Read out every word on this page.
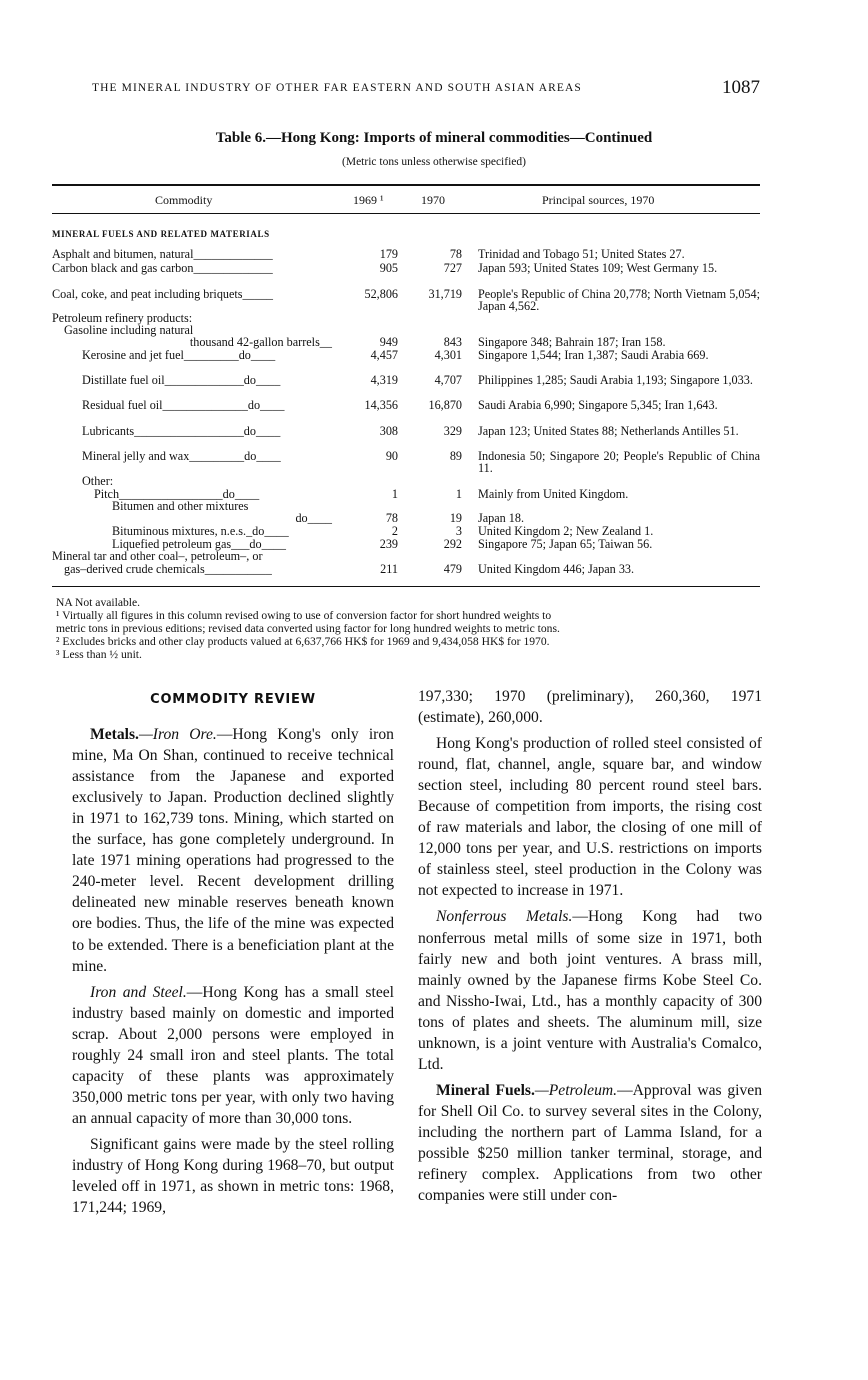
THE MINERAL INDUSTRY OF OTHER FAR EASTERN AND SOUTH ASIAN AREAS	1087
Table 6.—Hong Kong: Imports of mineral commodities—Continued
(Metric tons unless otherwise specified)
Commodity	1969 ¹	1970	Principal sources, 1970
MINERAL FUELS AND RELATED MATERIALS
Asphalt and bitumen, natural_____________	179	78 Trinidad and Tobago 51; United States 27.
Carbon black and gas carbon_____________	905	727 Japan 593; United States 109; West Germany 15.
Coal, coke, and peat including briquets_____	52,806	31,719 People's Republic of China 20,778; North Vietnam 5,054; Japan 4,562.
Petroleum refinery products:
Gasoline including natural
thousand 42-gallon barrels__	949	843 Singapore 348; Bahrain 187; Iran 158.
Kerosine and jet fuel_________do____	4,457	4,301 Singapore 1,544; Iran 1,387; Saudi Arabia 669.
Distillate fuel oil_____________do____	4,319	4,707 Philippines 1,285; Saudi Arabia 1,193; Singapore 1,033.
Residual fuel oil______________do____	14,356	16,870 Saudi Arabia 6,990; Singapore 5,345; Iran 1,643.
Lubricants__________________do____	308	329 Japan 123; United States 88; Netherlands Antilles 51.
Mineral jelly and wax_________do____	90	89 Indonesia 50; Singapore 20; People's Republic of China 11.
Other:
Pitch_________________do____	1	1 Mainly from United Kingdom.
Bitumen and other mixtures
do____	78	19 Japan 18.
Bituminous mixtures, n.e.s._do____	2	3 United Kingdom 2; New Zealand 1.
Liquefied petroleum gas___do____	239	292 Singapore 75; Japan 65; Taiwan 56.
Mineral tar and other coal–, petroleum–, or
gas–derived crude chemicals___________	211	479 United Kingdom 446; Japan 33.
NA Not available.
¹ Virtually all figures in this column revised owing to use of conversion factor for short hundred weights to
metric tons in previous editions; revised data converted using factor for long hundred weights to metric tons.
² Excludes bricks and other clay products valued at 6,637,766 HK$ for 1969 and 9,434,058 HK$ for 1970.
³ Less than ½ unit.
COMMODITY REVIEW

Metals.—Iron Ore.—Hong Kong's only iron mine, Ma On Shan, continued to receive technical assistance from the Japanese and exported exclusively to Japan. Production declined slightly in 1971 to 162,739 tons. Mining, which started on the surface, has gone completely underground. In late 1971 mining operations had progressed to the 240-meter level. Recent development drilling delineated new minable reserves beneath known ore bodies. Thus, the life of the mine was expected to be extended. There is a beneficiation plant at the mine.

Iron and Steel.—Hong Kong has a small steel industry based mainly on domestic and imported scrap. About 2,000 persons were employed in roughly 24 small iron and steel plants. The total capacity of these plants was approximately 350,000 metric tons per year, with only two having an annual capacity of more than 30,000 tons.

Significant gains were made by the steel rolling industry of Hong Kong during 1968–70, but output leveled off in 1971, as shown in metric tons: 1968, 171,244; 1969,

197,330; 1970 (preliminary), 260,360, 1971 (estimate), 260,000.

Hong Kong's production of rolled steel consisted of round, flat, channel, angle, square bar, and window section steel, including 80 percent round steel bars. Because of competition from imports, the rising cost of raw materials and labor, the closing of one mill of 12,000 tons per year, and U.S. restrictions on imports of stainless steel, steel production in the Colony was not expected to increase in 1971.

Nonferrous Metals.—Hong Kong had two nonferrous metal mills of some size in 1971, both fairly new and both joint ventures. A brass mill, mainly owned by the Japanese firms Kobe Steel Co. and Nissho-Iwai, Ltd., has a monthly capacity of 300 tons of plates and sheets. The aluminum mill, size unknown, is a joint venture with Australia's Comalco, Ltd.

Mineral Fuels.—Petroleum.—Approval was given for Shell Oil Co. to survey several sites in the Colony, including the northern part of Lamma Island, for a possible $250 million tanker terminal, storage, and refinery complex. Applications from two other companies were still under con-
